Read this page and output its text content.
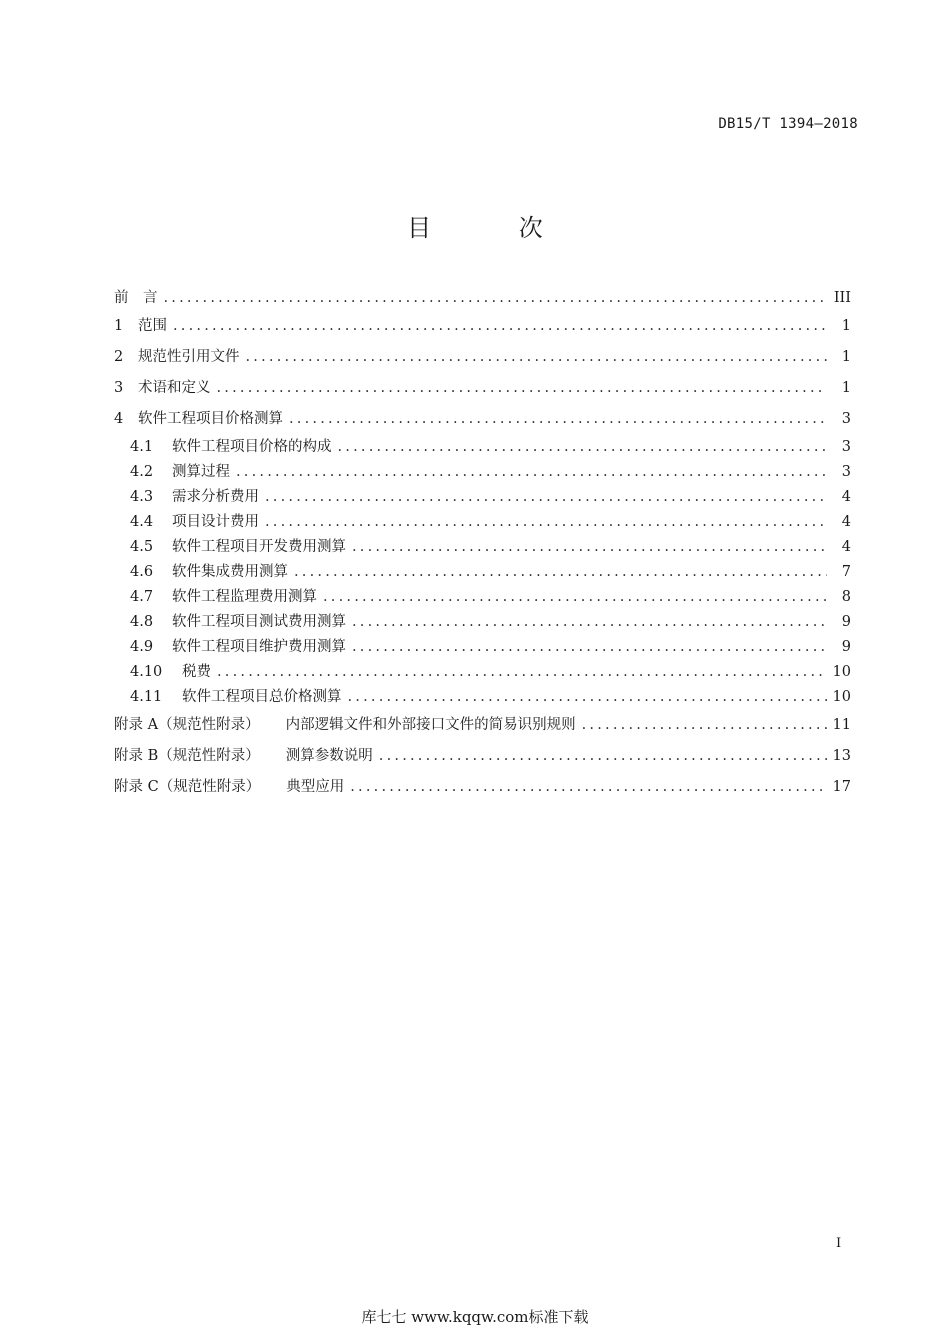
DB15/T 1394—2018
目 次
前　言 .....	III
1	范围 .....	1
2	规范性引用文件 .....	1
3	术语和定义 .....	1
4	软件工程项目价格测算 .....	3
4.1	软件工程项目价格的构成 .....	3
4.2	测算过程 .....	3
4.3	需求分析费用 .....	4
4.4	项目设计费用 .....	4
4.5	软件工程项目开发费用测算 .....	4
4.6	软件集成费用测算 .....	7
4.7	软件工程监理费用测算 .....	8
4.8	软件工程项目测试费用测算 .....	9
4.9	软件工程项目维护费用测算 .....	9
4.10	税费 .....	10
4.11	软件工程项目总价格测算 .....	10
附录 A（规范性附录） 内部逻辑文件和外部接口文件的简易识别规则 .....	11
附录 B（规范性附录） 测算参数说明 .....	13
附录 C（规范性附录） 典型应用 .....	17
I
库七七 www.kqqw.com标准下载
